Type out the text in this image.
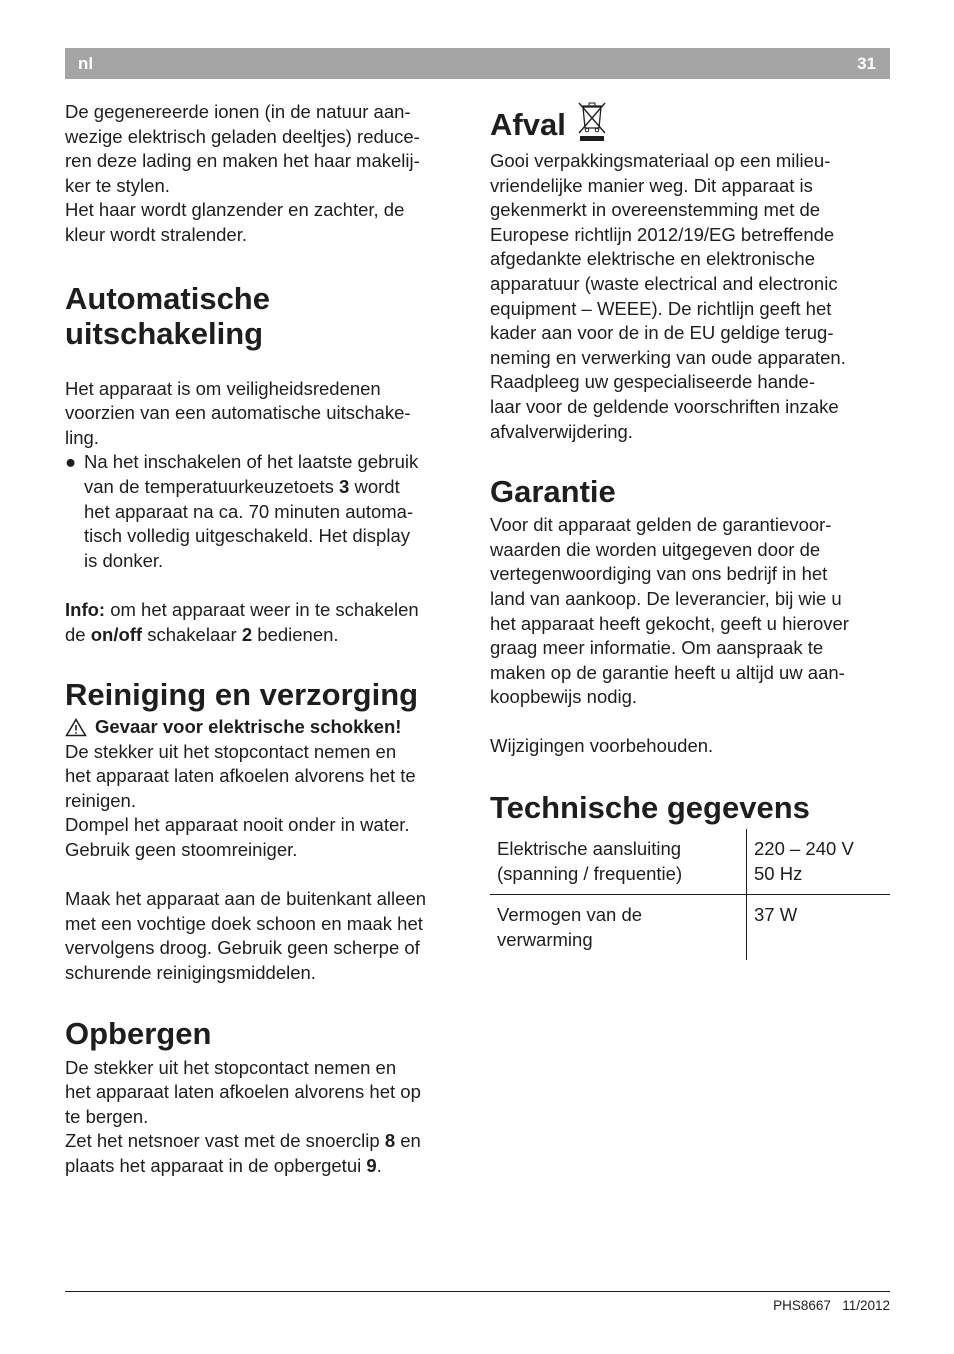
nl	31

De gegenereerde ionen (in de natuur aan-

wezige elektrisch geladen deeltjes) reduce-

ren deze lading en maken het haar makelij-

ker te stylen.

Het haar wordt glanzender en zachter, de

kleur wordt stralender.

Automatische
uitschakeling

Het apparaat is om veiligheidsredenen

voorzien van een automatische uitschake-

ling.

● Na het inschakelen of het laatste gebruik
van de temperatuurkeuzetoets 3 wordt
het apparaat na ca. 70 minuten automa-
tisch volledig uitgeschakeld. Het display
is donker.

Info: om het apparaat weer in te schakelen

de on/off schakelaar 2 bedienen.

Reiniging en verzorging
Gevaar voor elektrische schokken!

De stekker uit het stopcontact nemen en

het apparaat laten afkoelen alvorens het te

reinigen.

Dompel het apparaat nooit onder in water.

Gebruik geen stoomreiniger.

Maak het apparaat aan de buitenkant alleen

met een vochtige doek schoon en maak het

vervolgens droog. Gebruik geen scherpe of

schurende reinigingsmiddelen.

Opbergen

De stekker uit het stopcontact nemen en

het apparaat laten afkoelen alvorens het op

te bergen.

Zet het netsnoer vast met de snoerclip 8 en

plaats het apparaat in de opbergetui 9.

Afval

Gooi verpakkingsmateriaal op een milieu-

vriendelijke manier weg. Dit apparaat is

gekenmerkt in overeenstemming met de

Europese richtlijn 2012/19/EG betreffende

afgedankte elektrische en elektronische

apparatuur (waste electrical and electronic

equipment – WEEE). De richtlijn geeft het

kader aan voor de in de EU geldige terug-

neming en verwerking van oude apparaten.

Raadpleeg uw gespecialiseerde hande-

laar voor de geldende voorschriften inzake

afvalverwijdering.

Garantie

Voor dit apparaat gelden de garantievoor-

waarden die worden uitgegeven door de

vertegenwoordiging van ons bedrijf in het

land van aankoop. De leverancier, bij wie u

het apparaat heeft gekocht, geeft u hierover

graag meer informatie. Om aanspraak te

maken op de garantie heeft u altijd uw aan-

koopbewijs nodig.

Wijzigingen voorbehouden.

Technische gegevens
Elektrische aansluiting
(spanning / frequentie)
220 – 240 V
50 Hz
Vermogen van de
verwarming
37 W
PHS8667 11/2012
